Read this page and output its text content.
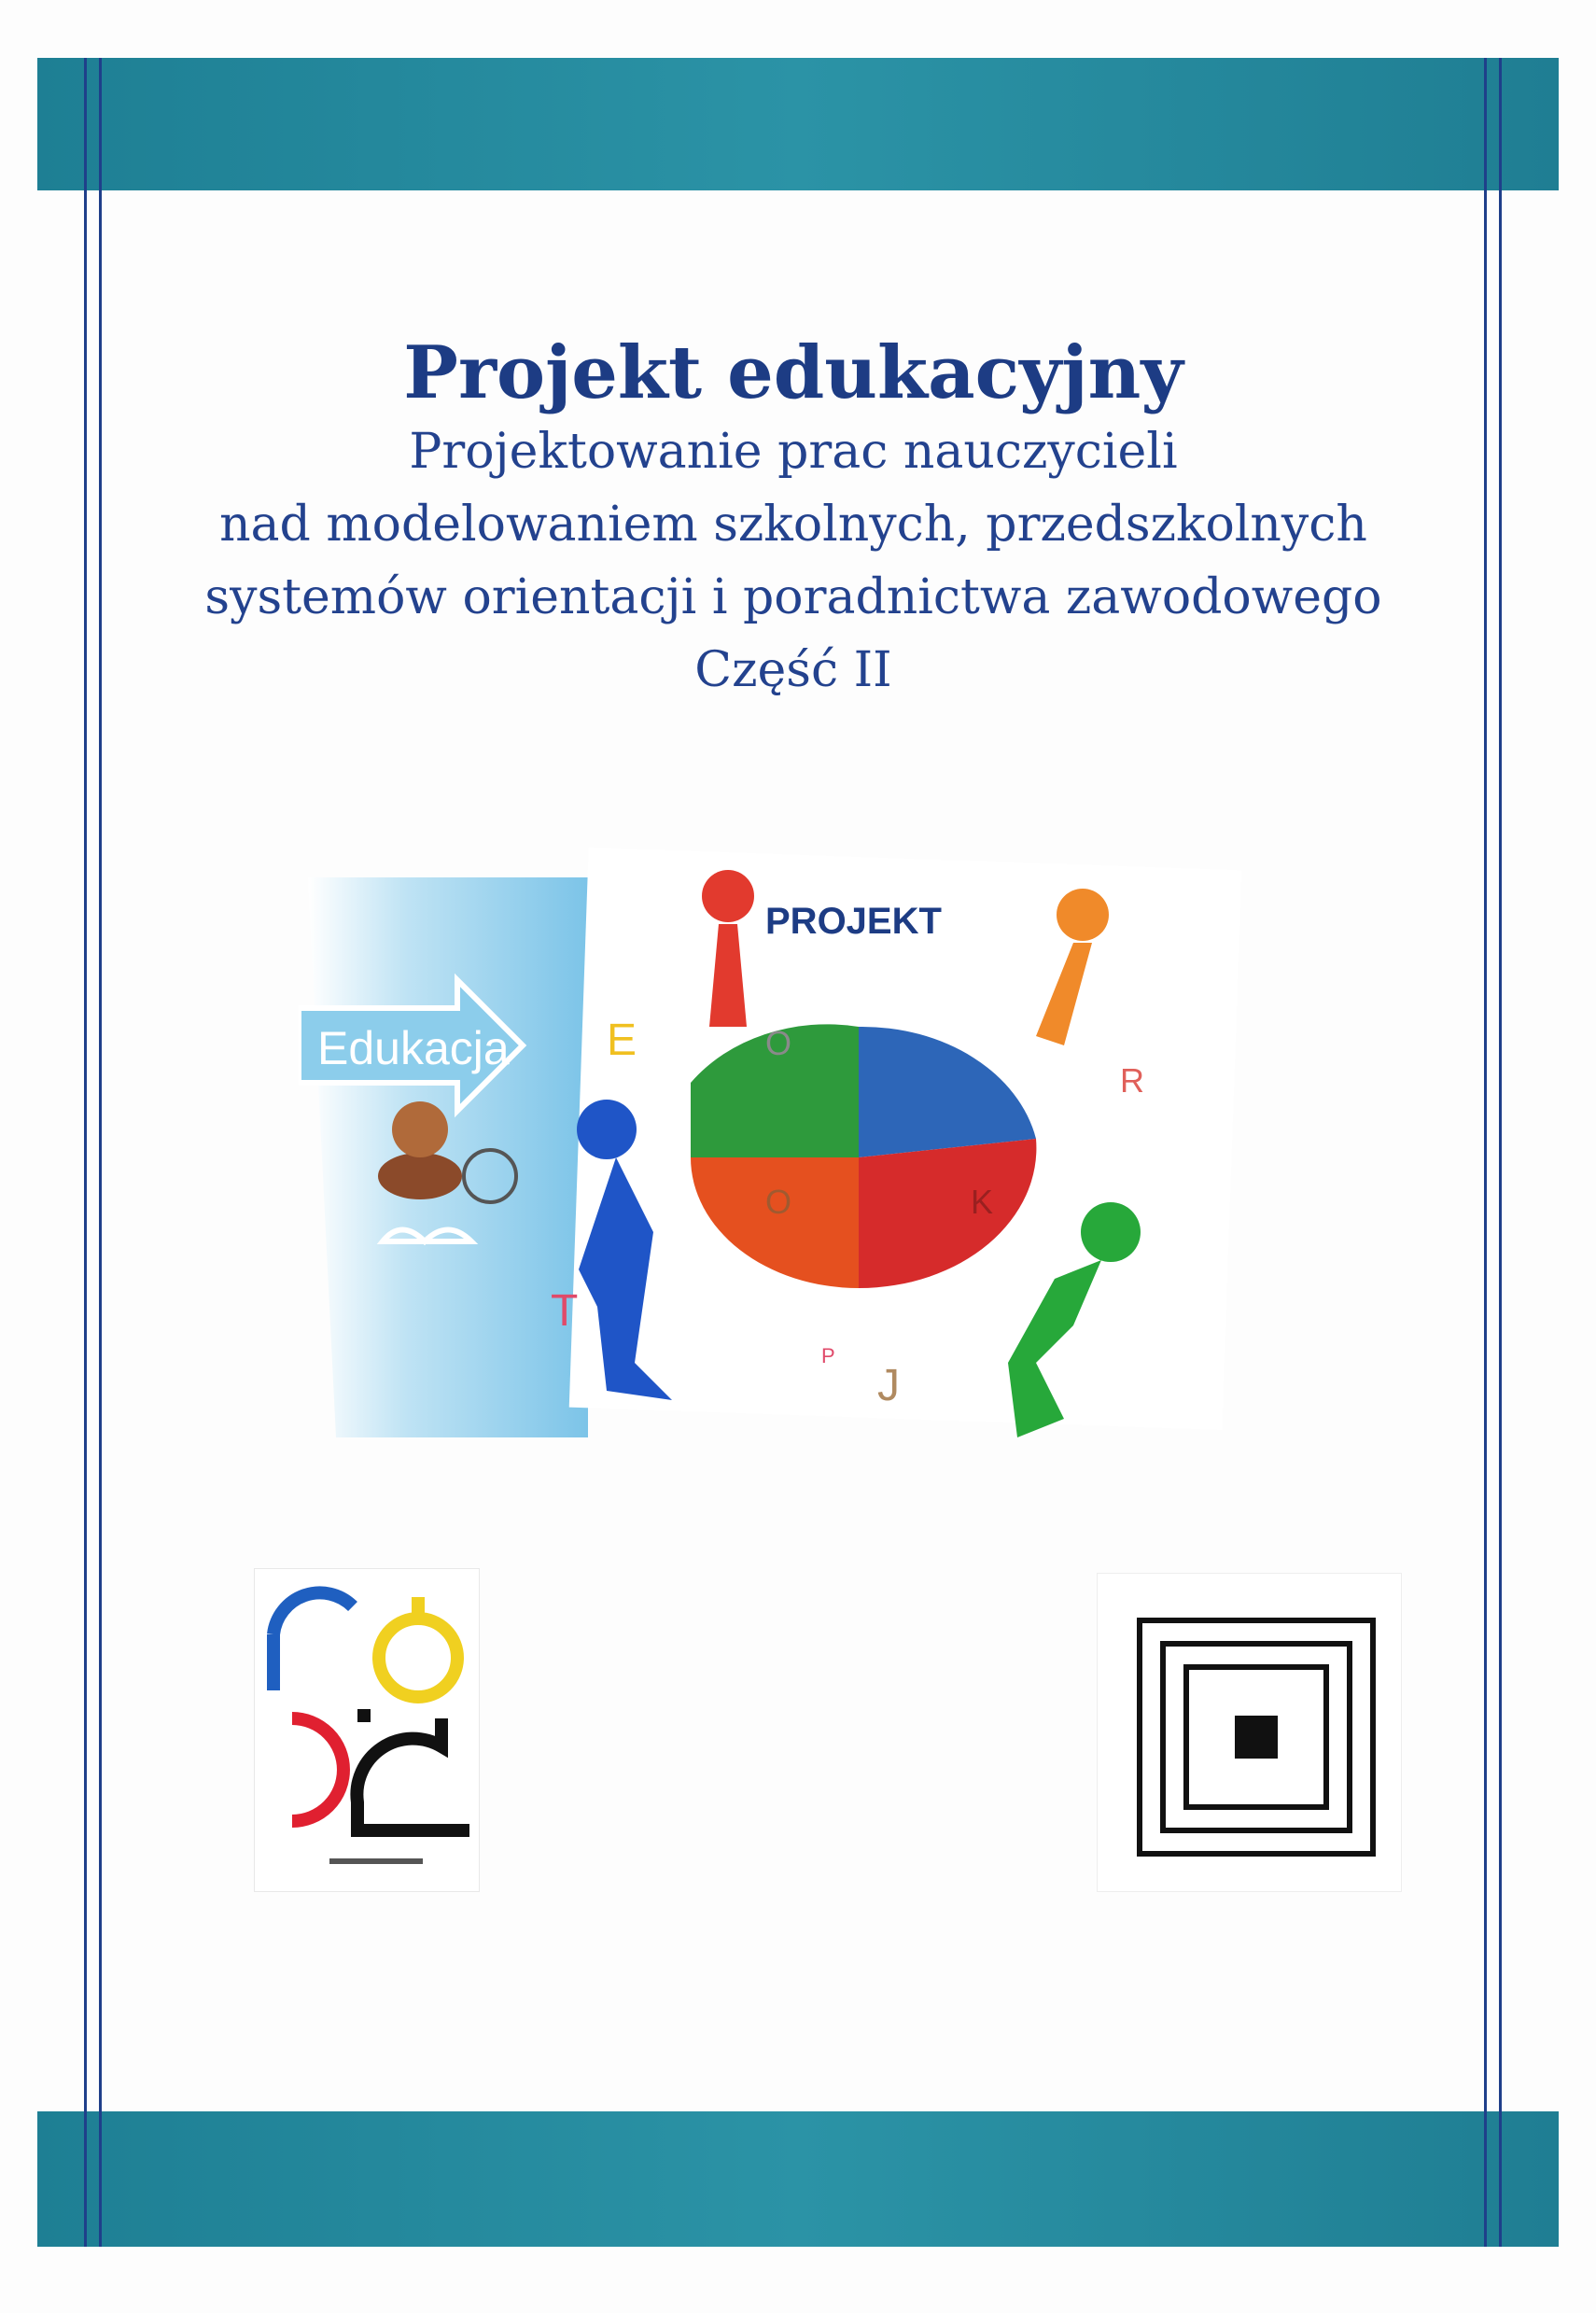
Projekt edukacyjny

Projektowanie prac nauczycieli

nad modelowaniem szkolnych, przedszkolnych

systemów orientacji i poradnictwa zawodowego

Część II

Edukacja
PROJEKT
E	O
R
T
O	K
P
J
